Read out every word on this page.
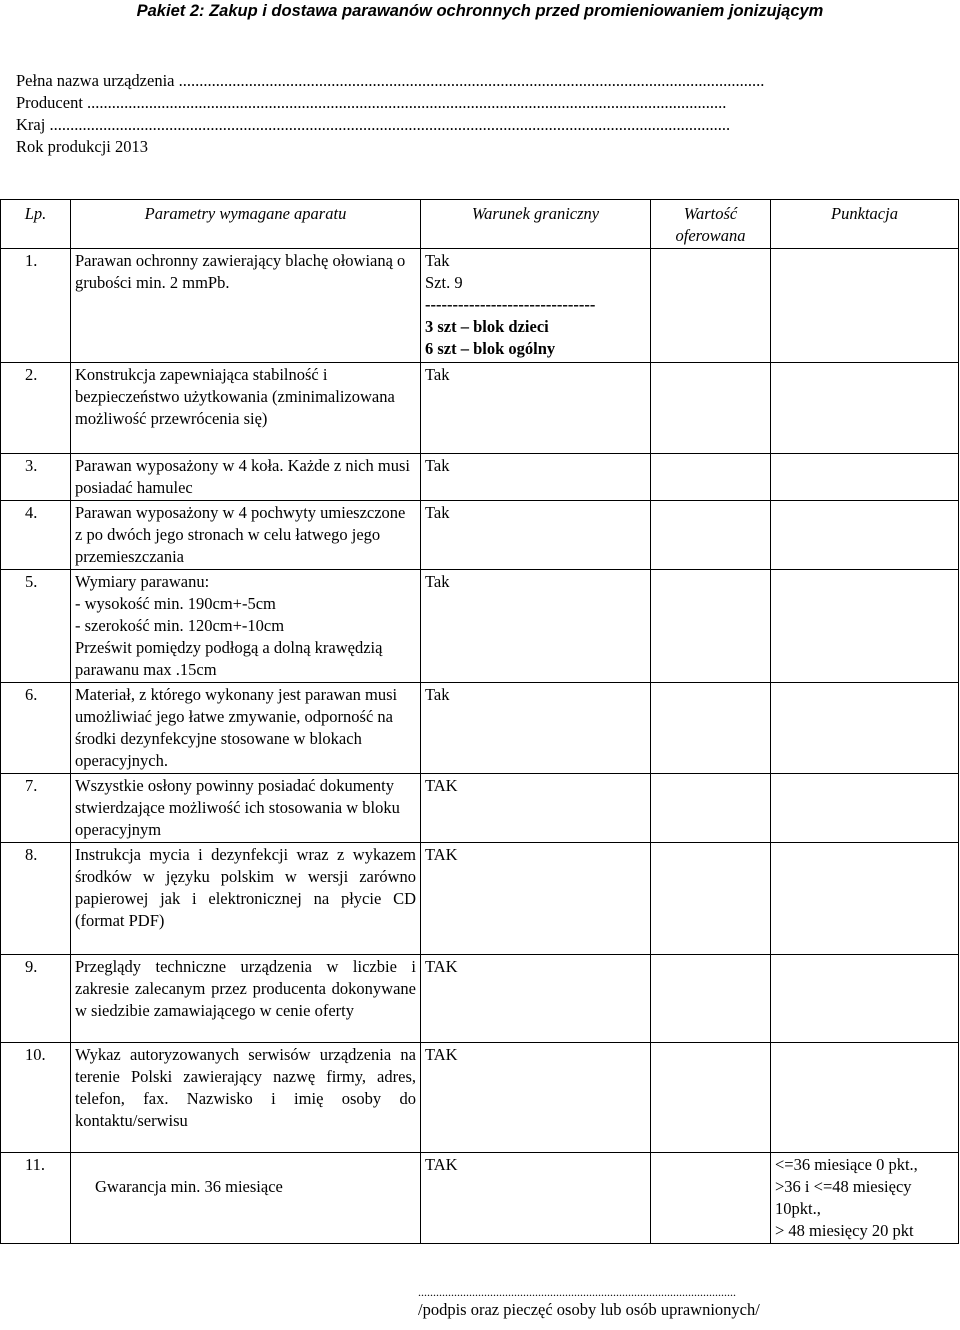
Pakiet 2: Zakup i dostawa parawanów ochronnych przed promieniowaniem jonizującym
Pełna nazwa urządzenia ..............................................................................................................................................
Producent ...........................................................................................................................................................
Kraj .....................................................................................................................................................................
Rok produkcji 2013
Lp.	Parametry wymagane aparatu	Warunek graniczny	Wartość oferowana	Punktacja
1.	Parawan ochronny zawierający blachę ołowianą o grubości min. 2 mmPb.	Tak
Szt. 9
-------------------------------
3 szt – blok dzieci
6 szt – blok ogólny		

2.	Konstrukcja zapewniająca stabilność i bezpieczeństwo użytkowania (zminimalizowana możliwość przewrócenia się)	Tak		
3.	Parawan wyposażony w 4 koła. Każde z nich musi posiadać hamulec	Tak		
4.	Parawan wyposażony w 4 pochwyty umieszczone z po dwóch jego stronach w celu łatwego jego przemieszczania	Tak		
5.	Wymiary parawanu:
- wysokość min. 190cm+-5cm
- szerokość min. 120cm+-10cm
Prześwit pomiędzy podłogą a dolną krawędzią parawanu max .15cm	Tak		
6.	Materiał, z którego wykonany jest parawan musi umożliwiać jego łatwe zmywanie, odporność na środki dezynfekcyjne stosowane w blokach operacyjnych.	Tak		
7.	Wszystkie osłony powinny posiadać dokumenty stwierdzające możliwość ich stosowania w bloku operacyjnym	TAK		
8.	Instrukcja mycia i dezynfekcji wraz z wykazem środków w języku polskim w wersji zarówno papierowej jak i elektronicznej na płycie CD (format PDF)	TAK		
9.	Przeglądy techniczne urządzenia w liczbie i zakresie zalecanym przez producenta dokonywane w siedzibie zamawiającego w cenie oferty	TAK		
10.	Wykaz autoryzowanych serwisów urządzenia na terenie Polski zawierający nazwę firmy, adres, telefon, fax. Nazwisko i imię osoby do kontaktu/serwisu	TAK		
11.	Gwarancja min. 36 miesiące	TAK		<=36 miesiące 0 pkt.,
>36 i <=48 miesięcy 10pkt.,
> 48 miesięcy 20 pkt
..........................................................................................................
/podpis oraz pieczęć osoby lub osób uprawnionych/
